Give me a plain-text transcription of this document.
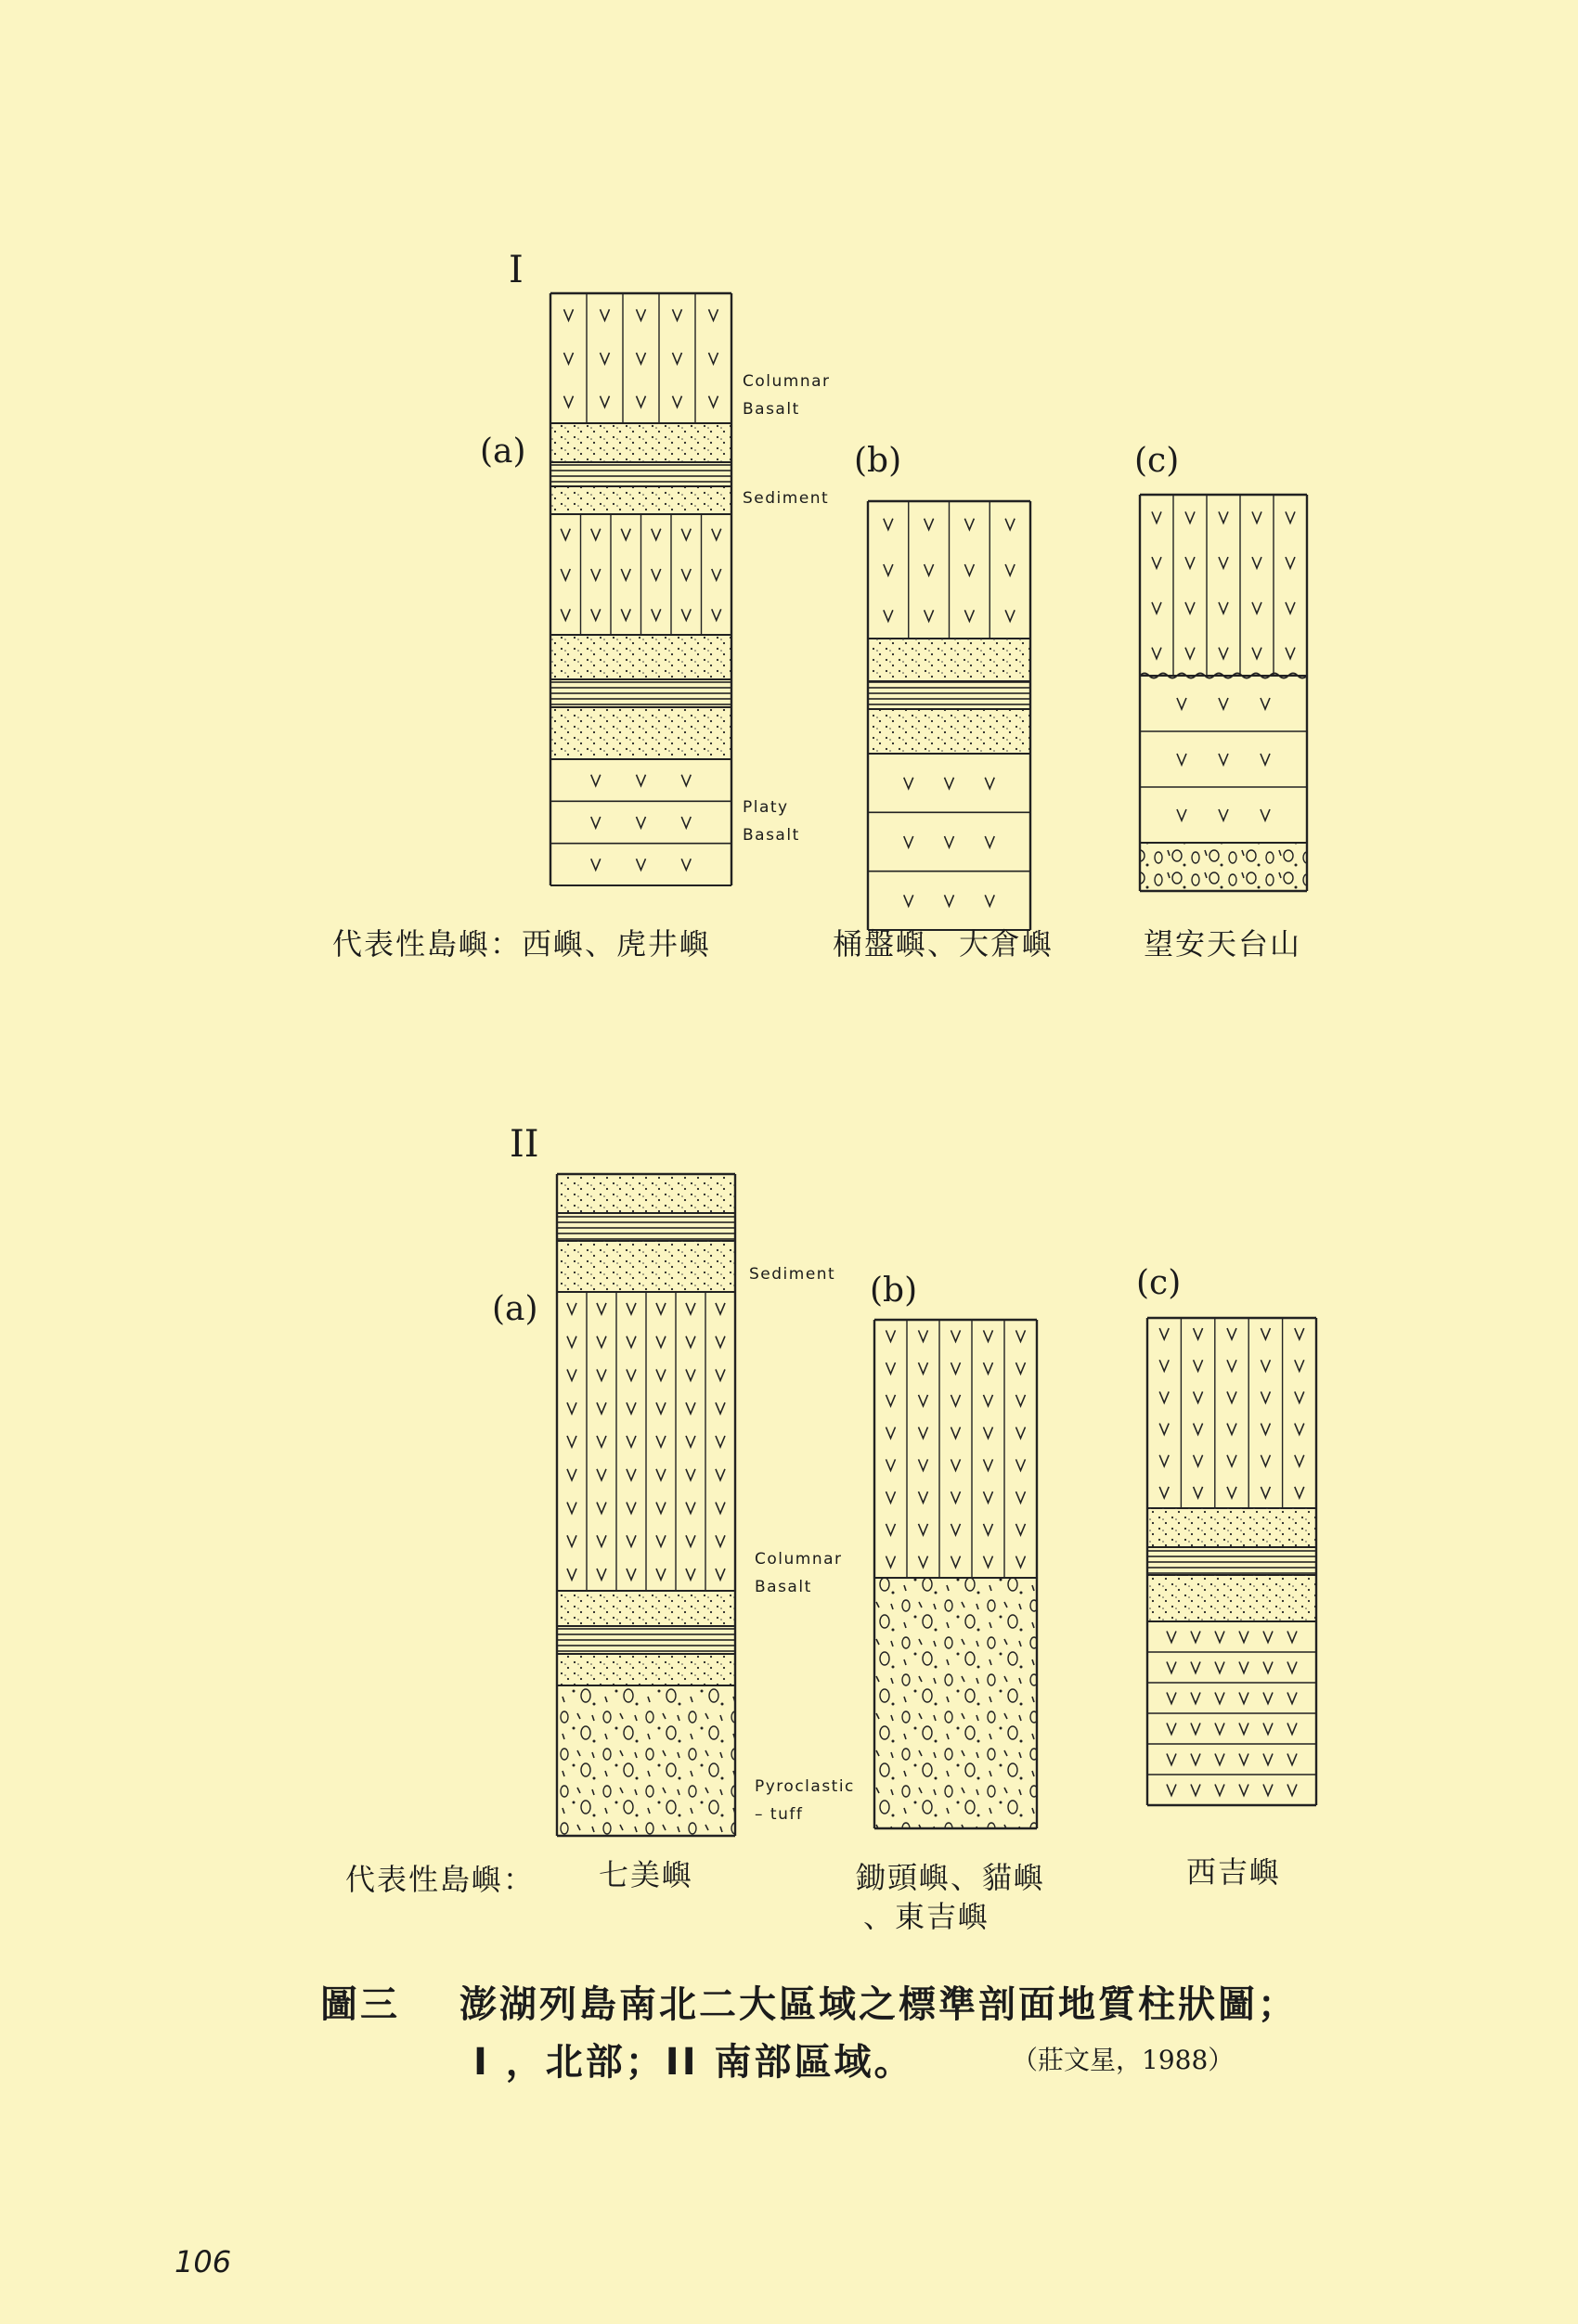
I
(a)	(b)	(c)
Columnar
Basalt
Sediment
Platy
Basalt
代表性島嶼：西嶼、虎井嶼	桶盤嶼、大倉嶼	望安天台山
II
(a)	(b)	(c)
Sediment
Columnar
Basalt
Pyroclastic
– tuff
代表性島嶼： 七美嶼	鋤頭嶼、貓嶼
、東吉嶼
西吉嶼
圖三 澎湖列島南北二大區域之標準剖面地質柱狀圖；
I ，北部；II 南部區域。	（莊文星，1988）
106
